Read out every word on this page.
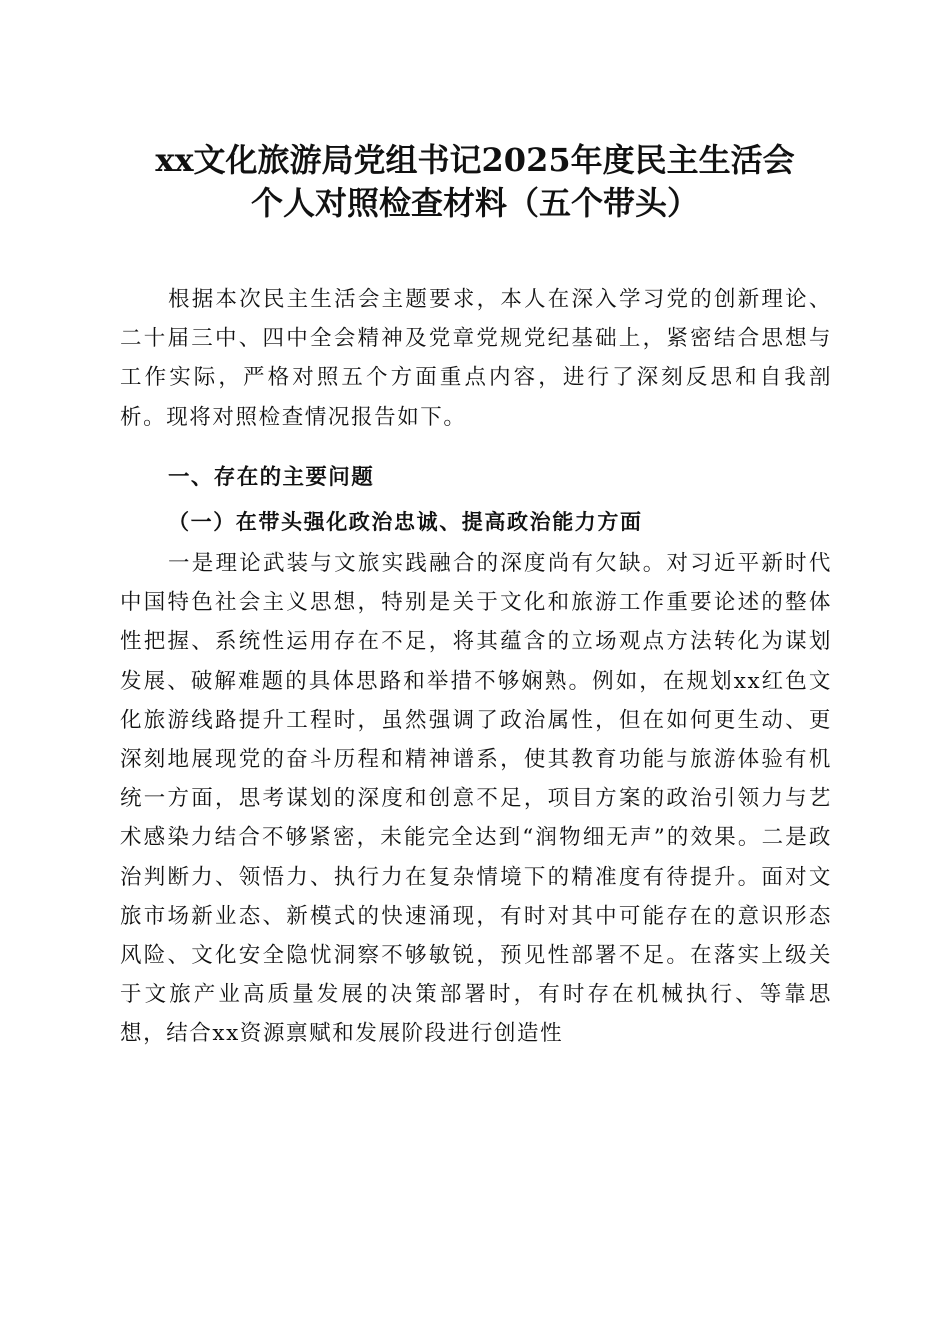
xx文化旅游局党组书记2025年度民主生活会
个人对照检查材料（五个带头）

根据本次民主生活会主题要求，本人在深入学习党的创新理论、二十届三中、四中全会精神及党章党规党纪基础上，紧密结合思想与工作实际，严格对照五个方面重点内容，进行了深刻反思和自我剖析。现将对照检查情况报告如下。

一、存在的主要问题
（一）在带头强化政治忠诚、提高政治能力方面

一是理论武装与文旅实践融合的深度尚有欠缺。对习近平新时代中国特色社会主义思想，特别是关于文化和旅游工作重要论述的整体性把握、系统性运用存在不足，将其蕴含的立场观点方法转化为谋划发展、破解难题的具体思路和举措不够娴熟。例如，在规划xx红色文化旅游线路提升工程时，虽然强调了政治属性，但在如何更生动、更深刻地展现党的奋斗历程和精神谱系，使其教育功能与旅游体验有机统一方面，思考谋划的深度和创意不足，项目方案的政治引领力与艺术感染力结合不够紧密，未能完全达到“润物细无声”的效果。二是政治判断力、领悟力、执行力在复杂情境下的精准度有待提升。面对文旅市场新业态、新模式的快速涌现，有时对其中可能存在的意识形态风险、文化安全隐忧洞察不够敏锐，预见性部署不足。在落实上级关于文旅产业高质量发展的决策部署时，有时存在机械执行、等靠思想，结合xx资源禀赋和发展阶段进行创造性
